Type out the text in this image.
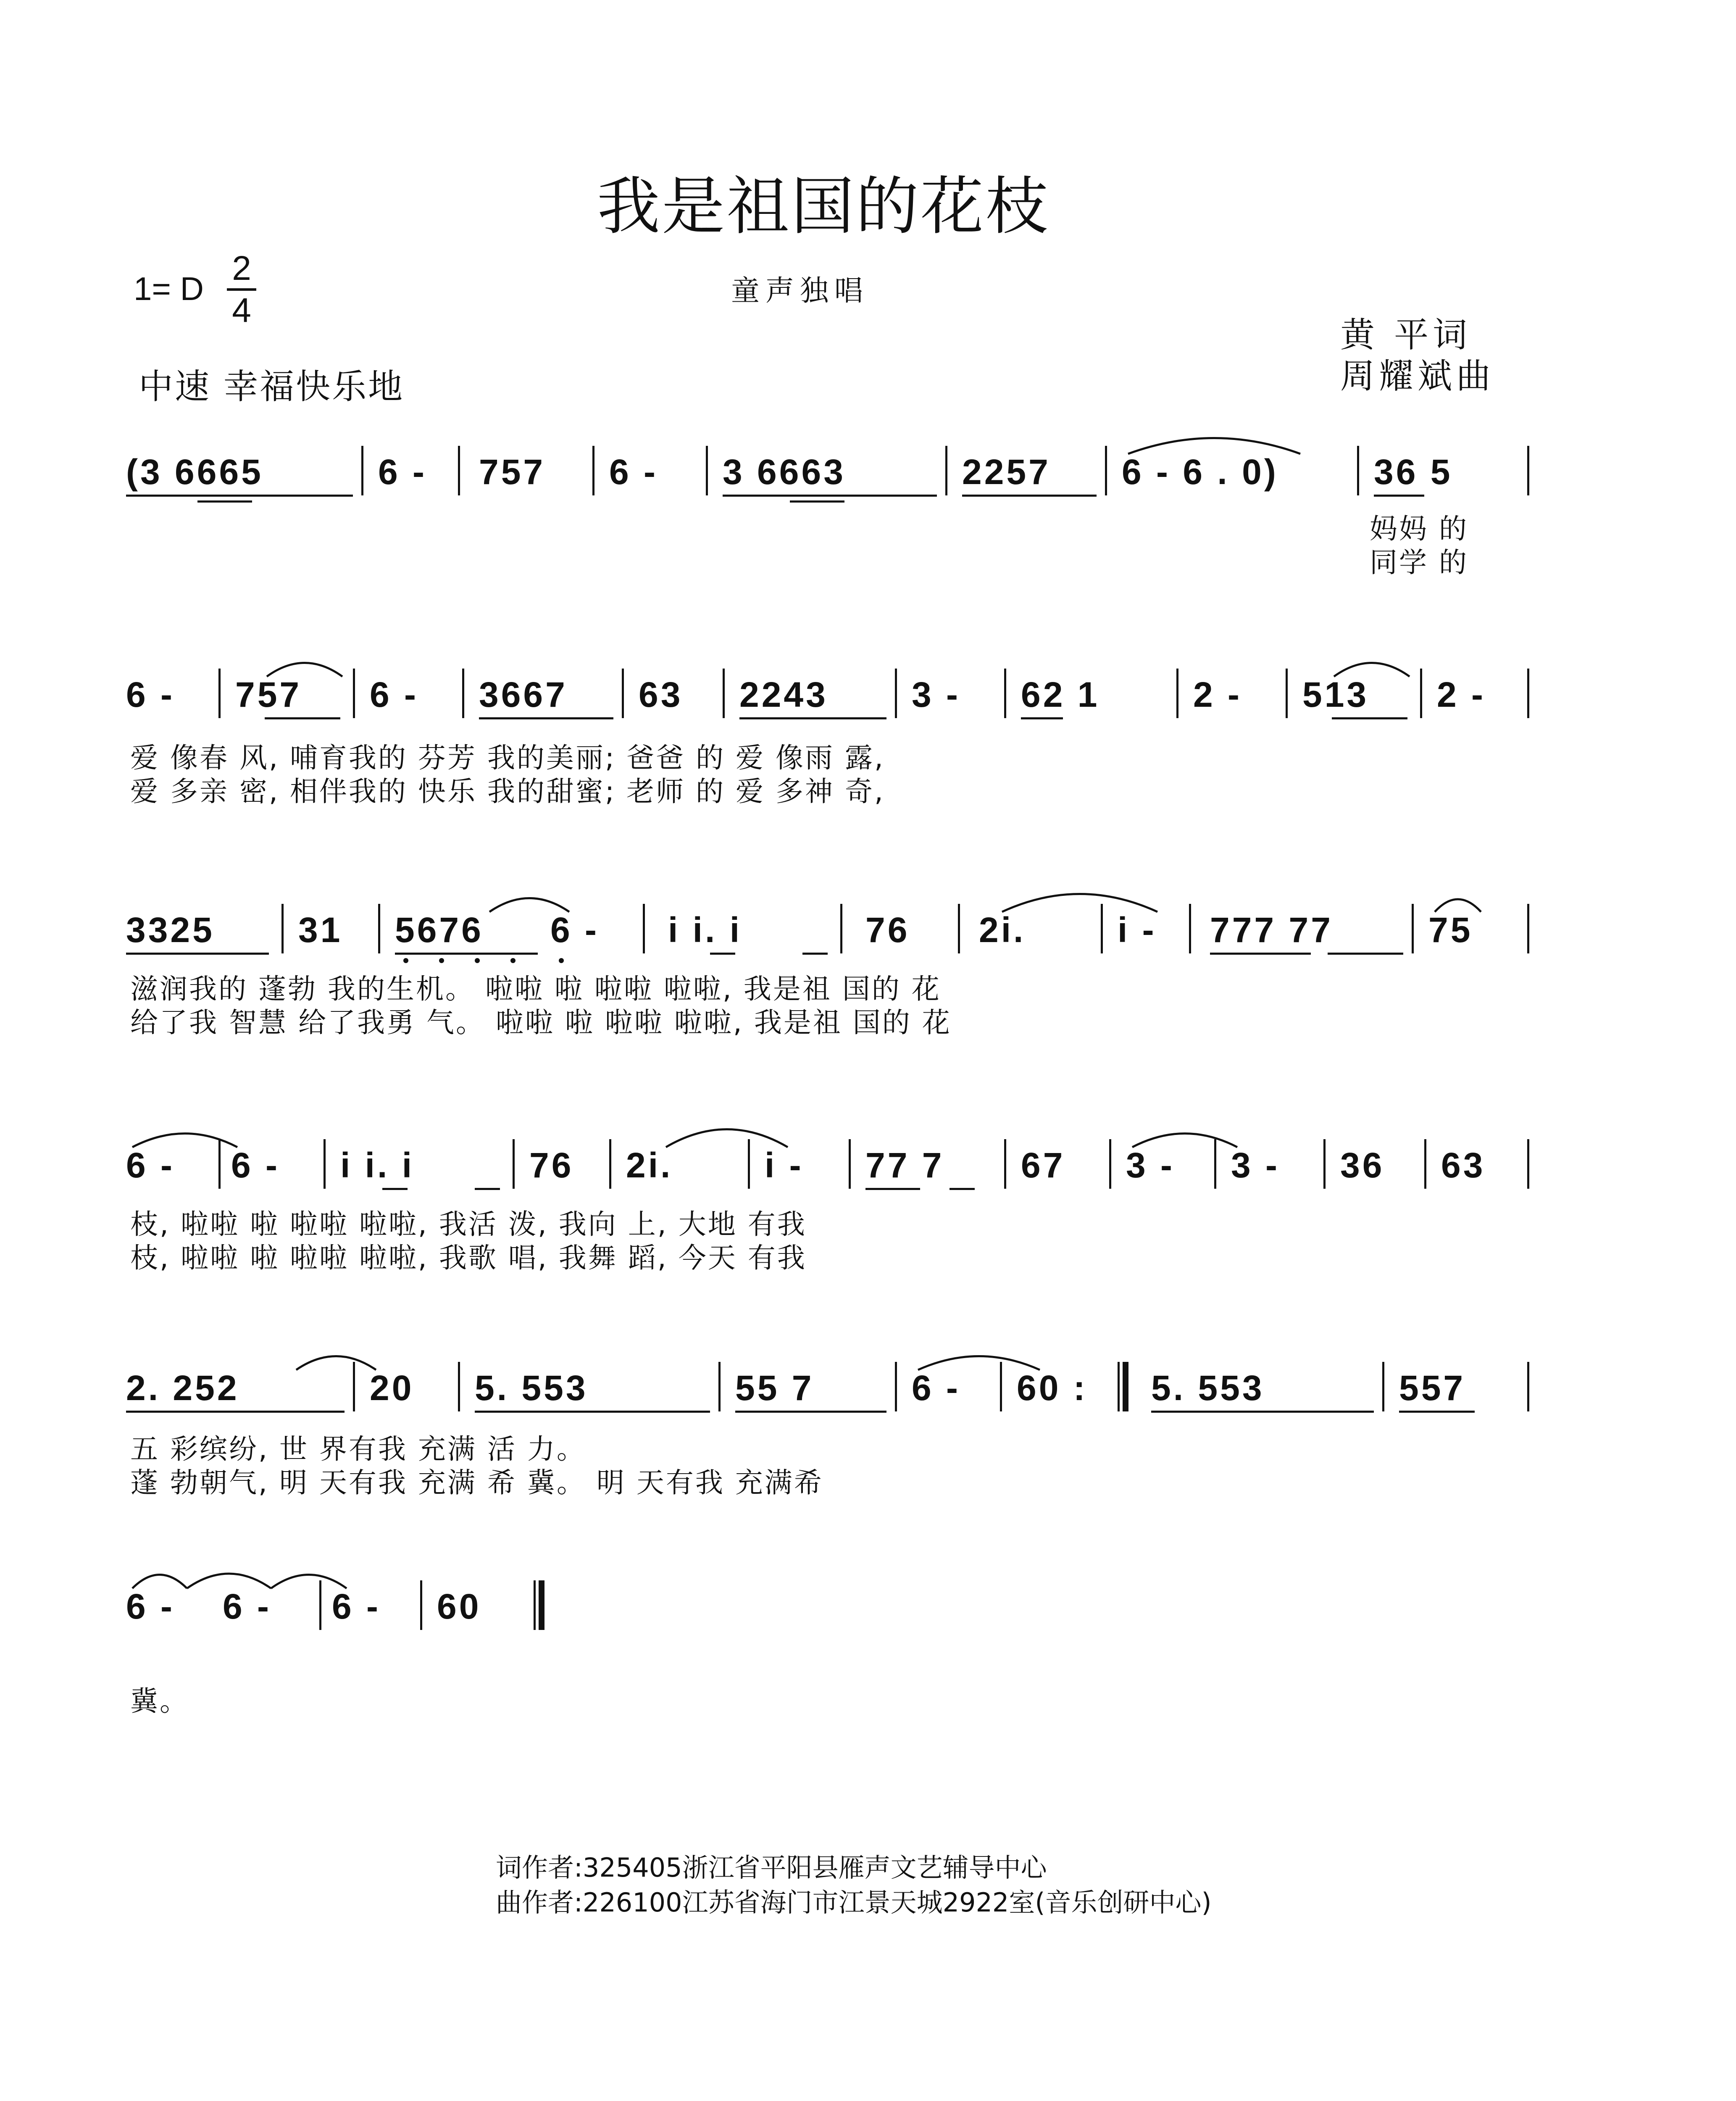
我是祖国的花枝
1= D
2
4
童声独唱
中速 幸福快乐地
黄 平词
周耀斌曲
(3 6665	6 - 757 6 - 3 6663	2257 6 - 6 . 0)	36 5
妈妈 的
同学 的
6 - 757 6 - 3667 63 2243 3 - 62 1	2 - 513 2 -
爱 像春 风, 哺育我的 芬芳 我的美丽; 爸爸 的 爱 像雨 露,
爱 多亲 密, 相伴我的 快乐 我的甜蜜; 老师 的 爱 多神 奇,
3325 31 5676 6 - i i. i	76 2i.	i - 777 77	75
滋润我的 蓬勃 我的生机。 啦啦 啦 啦啦 啦啦, 我是祖 国的 花
给了我 智慧 给了我勇 气。 啦啦 啦 啦啦 啦啦, 我是祖 国的 花
6 - 6 - i i. i	76 2i.	i - 77 7 67 3 - 3 - 36 63
枝, 啦啦 啦 啦啦 啦啦, 我活 泼, 我向 上, 大地 有我
枝, 啦啦 啦 啦啦 啦啦, 我歌 唱, 我舞 蹈, 今天 有我
2. 252	20 5. 553	55 7	6 - 60 : 5. 553	557
五 彩缤纷, 世 界有我 充满 活 力。
蓬 勃朝气, 明 天有我 充满 希 冀。 明 天有我 充满希
6 - 6 - 6 - 60
冀。
词作者:325405浙江省平阳县雁声文艺辅导中心
曲作者:226100江苏省海门市江景天城2922室(音乐创研中心)
